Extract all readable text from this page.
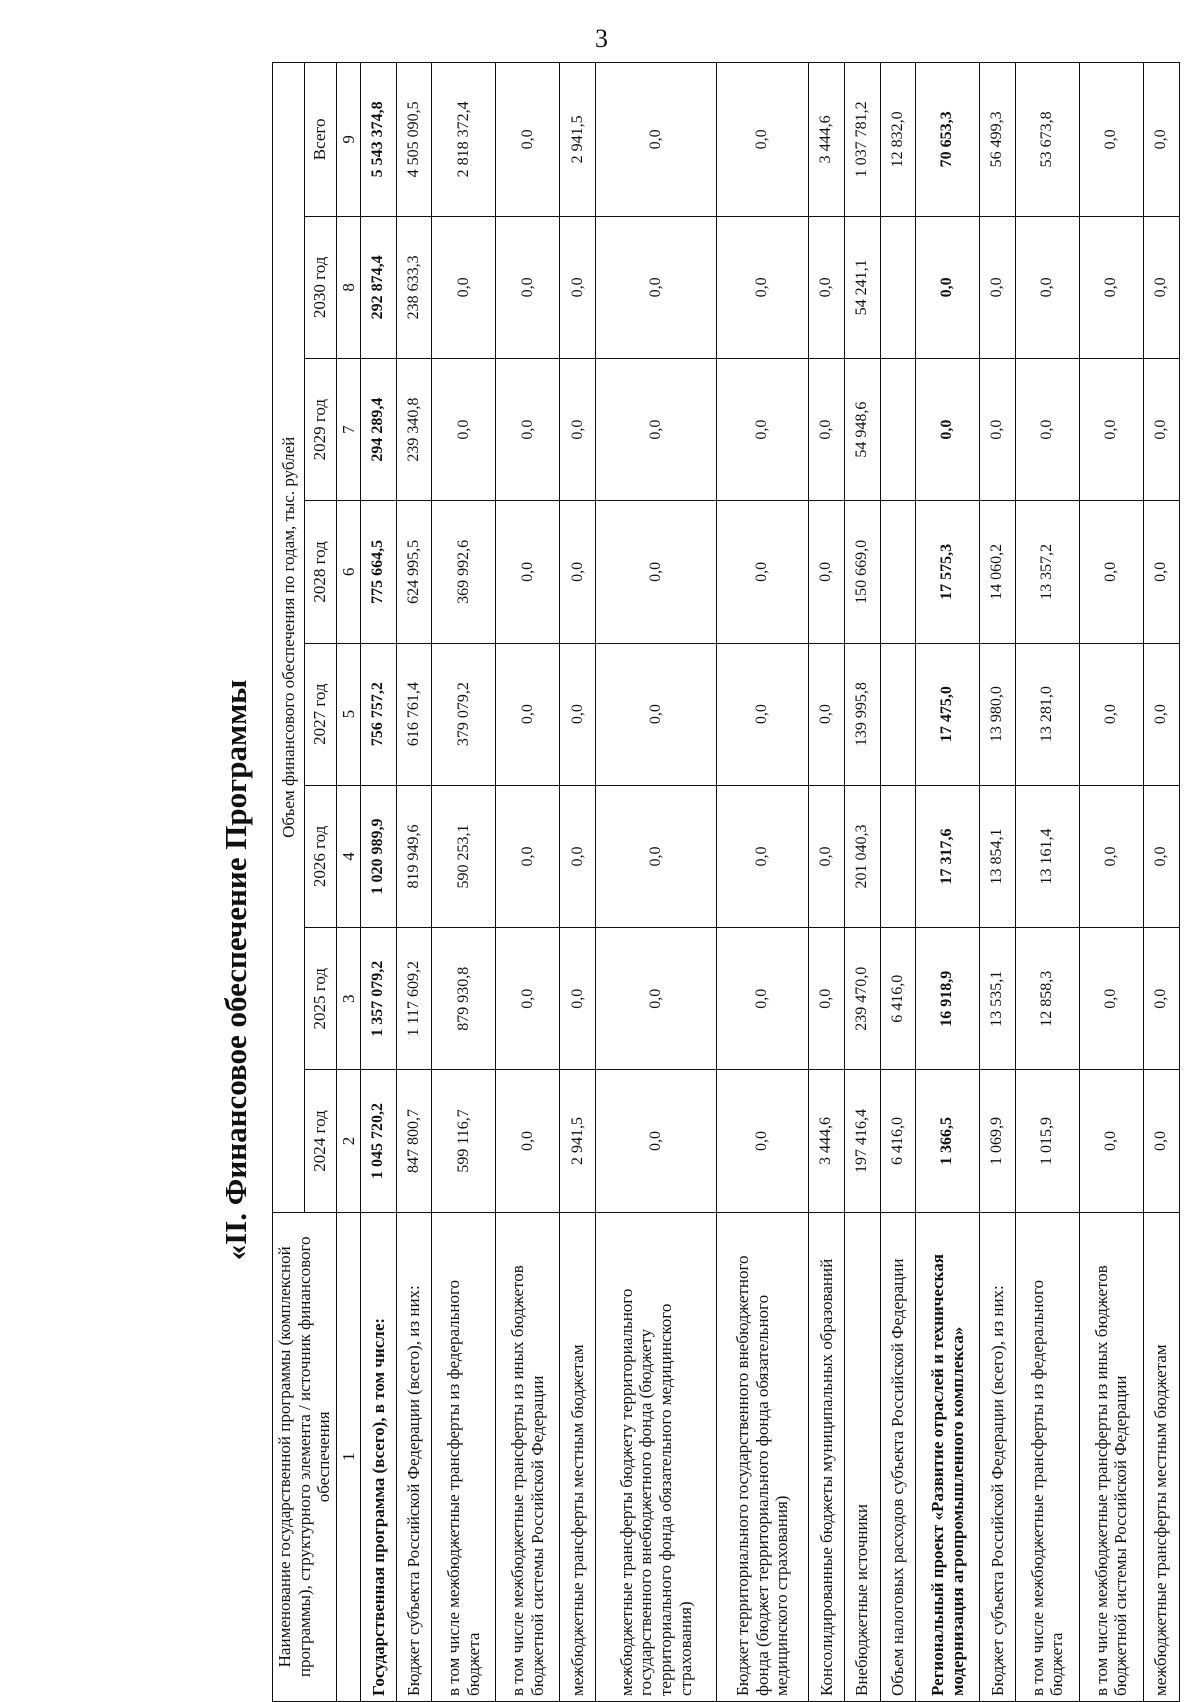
3
«II. Финансовое обеспечение Программы
Наименование государственной программы (комплексной программы), структурного элемента / источник финансового обеспечения	Объем финансового обеспечения по годам, тыс. рублей							
	2024 год	2025 год	2026 год	2027 год	2028 год	2029 год	2030 год	Всего
1	2	3	4	5	6	7	8	9
Государственная программа (всего), в том числе:	1 045 720,2	1 357 079,2	1 020 989,9	756 757,2	775 664,5	294 289,4	292 874,4	5 543 374,8
Бюджет субъекта Российской Федерации (всего), из них:	847 800,7	1 117 609,2	819 949,6	616 761,4	624 995,5	239 340,8	238 633,3	4 505 090,5
в том числе межбюджетные трансферты из федерального бюджета	599 116,7	879 930,8	590 253,1	379 079,2	369 992,6	0,0	0,0	2 818 372,4
в том числе межбюджетные трансферты из иных бюджетов бюджетной системы Российской Федерации	0,0	0,0	0,0	0,0	0,0	0,0	0,0	0,0
межбюджетные трансферты местным бюджетам	2 941,5	0,0	0,0	0,0	0,0	0,0	0,0	2 941,5
межбюджетные трансферты бюджету территориального государственного внебюджетного фонда (бюджету территориального фонда обязательного медицинского страхования)	0,0	0,0	0,0	0,0	0,0	0,0	0,0	0,0
Бюджет территориального государственного внебюджетного фонда (бюджет территориального фонда обязательного медицинского страхования)	0,0	0,0	0,0	0,0	0,0	0,0	0,0	0,0
Консолидированные бюджеты муниципальных образований	3 444,6	0,0	0,0	0,0	0,0	0,0	0,0	3 444,6
Внебюджетные источники	197 416,4	239 470,0	201 040,3	139 995,8	150 669,0	54 948,6	54 241,1	1 037 781,2
Объем налоговых расходов субъекта Российской Федерации	6 416,0	6 416,0						12 832,0
Региональный проект «Развитие отраслей и техническая модернизация агропромышленного комплекса»	1 366,5	16 918,9	17 317,6	17 475,0	17 575,3	0,0	0,0	70 653,3
Бюджет субъекта Российской Федерации (всего), из них:	1 069,9	13 535,1	13 854,1	13 980,0	14 060,2	0,0	0,0	56 499,3
в том числе межбюджетные трансферты из федерального бюджета	1 015,9	12 858,3	13 161,4	13 281,0	13 357,2	0,0	0,0	53 673,8
в том числе межбюджетные трансферты из иных бюджетов бюджетной системы Российской Федерации	0,0	0,0	0,0	0,0	0,0	0,0	0,0	0,0
межбюджетные трансферты местным бюджетам	0,0	0,0	0,0	0,0	0,0	0,0	0,0	0,0
